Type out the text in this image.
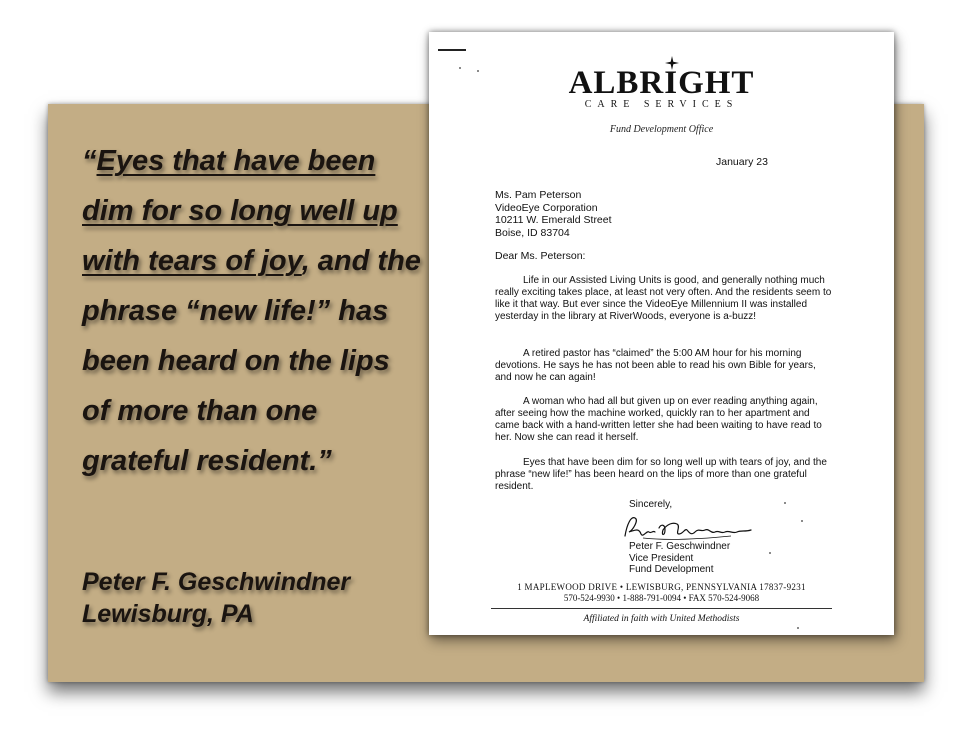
“Eyes that have been dim for so long well up with tears of joy, and the phrase “new life!” has been heard on the lips of more than one grateful resident.”
Peter F. Geschwindner
Lewisburg, PA
ALBRIGHT
CARE SERVICES
Fund Development Office
January 23
Ms. Pam Peterson
VideoEye Corporation
10211 W. Emerald Street
Boise, ID 83704
Dear Ms. Peterson:
Life in our Assisted Living Units is good, and generally nothing much really exciting takes place, at least not very often. And the residents seem to like it that way. But ever since the VideoEye Millennium II was installed yesterday in the library at RiverWoods, everyone is a-buzz!
A retired pastor has “claimed” the 5:00 AM hour for his morning devotions. He says he has not been able to read his own Bible for years, and now he can again!
A woman who had all but given up on ever reading anything again, after seeing how the machine worked, quickly ran to her apartment and came back with a hand-written letter she had been waiting to have read to her. Now she can read it herself.
Eyes that have been dim for so long well up with tears of joy, and the phrase “new life!” has been heard on the lips of more than one grateful resident.
Sincerely,
Peter F. Geschwindner
Vice President
Fund Development
1 MAPLEWOOD DRIVE • LEWISBURG, PENNSYLVANIA 17837-9231
570-524-9930 • 1-888-791-0094 • FAX 570-524-9068
Affiliated in faith with United Methodists
